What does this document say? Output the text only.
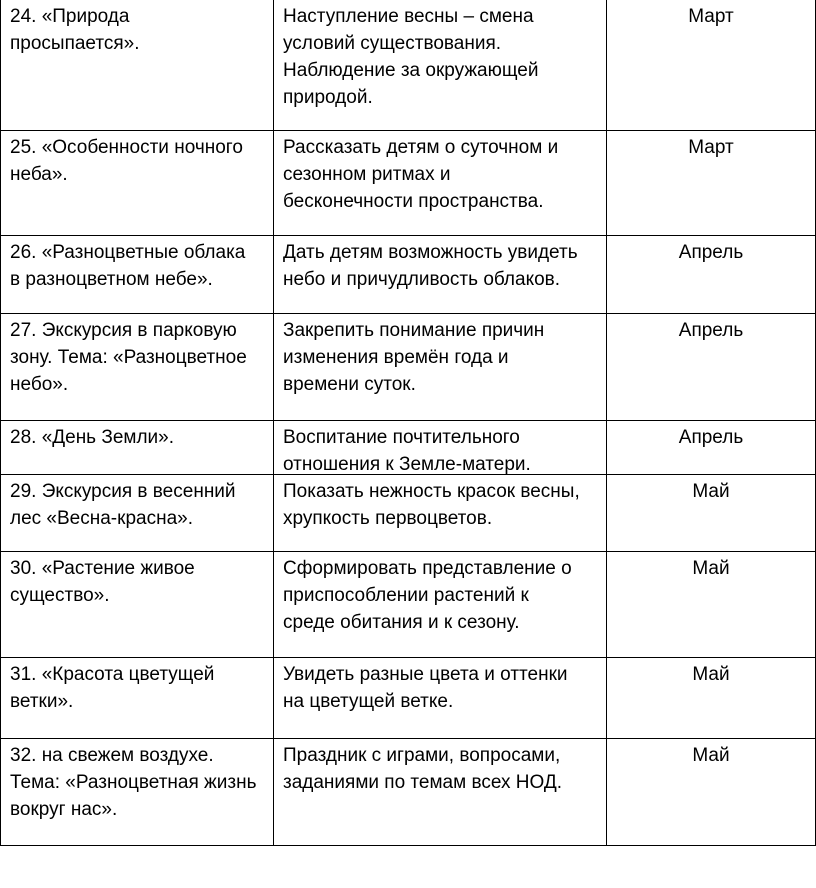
24. «Природа
просыпается».
Наступление весны – смена
условий существования.
Наблюдение за окружающей
природой.
Март
25. «Особенности ночного
неба».
Рассказать детям о суточном и
сезонном ритмах и
бесконечности пространства.
Март
26. «Разноцветные облака
в разноцветном небе».
Дать детям возможность увидеть
небо и причудливость облаков.
Апрель
27. Экскурсия в парковую
зону. Тема: «Разноцветное
небо».
Закрепить понимание причин
изменения времён года и
времени суток.
Апрель
28. «День Земли».	Воспитание почтительного
отношения к Земле-матери.
Апрель
29. Экскурсия в весенний
лес «Весна-красна».
Показать нежность красок весны,
хрупкость первоцветов.
Май
30. «Растение живое
существо».
Сформировать представление о
приспособлении растений к
среде обитания и к сезону.
Май
31. «Красота цветущей
ветки».
Увидеть разные цвета и оттенки
на цветущей ветке.
Май
32. на свежем воздухе.
Тема: «Разноцветная жизнь
вокруг нас».
Праздник с играми, вопросами,
заданиями по темам всех НОД.
Май
